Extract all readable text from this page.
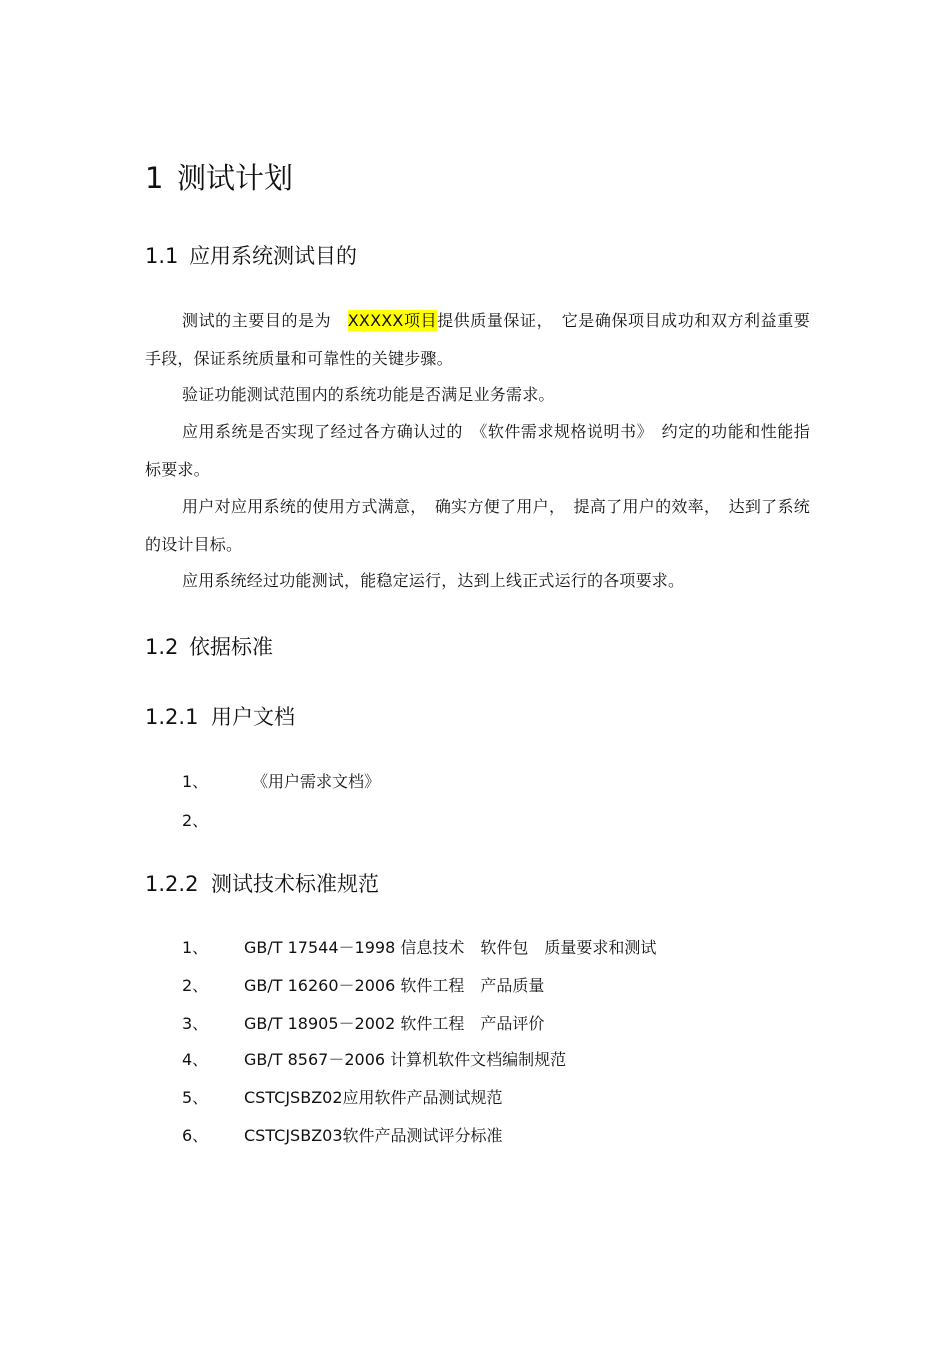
1 测试计划
1.1 应用系统测试目的
测试的主要目的是为　XXXXX项目提供质量保证，　它是确保项目成功和双方利益重要手段，保证系统质量和可靠性的关键步骤。
验证功能测试范围内的系统功能是否满足业务需求。
应用系统是否实现了经过各方确认过的　《软件需求规格说明书》　约定的功能和性能指标要求。
用户对应用系统的使用方式满意，　确实方便了用户，　提高了用户的效率，　达到了系统的设计目标。
应用系统经过功能测试，能稳定运行，达到上线正式运行的各项要求。
1.2 依据标准
1.2.1 用户文档
1、	《用户需求文档》
2、
1.2.2 测试技术标准规范
1、 GB/T 17544－1998 信息技术　软件包　质量要求和测试
2、 GB/T 16260－2006 软件工程　产品质量
3、 GB/T 18905－2002 软件工程　产品评价
4、 GB/T 8567－2006 计算机软件文档编制规范
5、 CSTCJSBZ02应用软件产品测试规范
6、 CSTCJSBZ03软件产品测试评分标准
